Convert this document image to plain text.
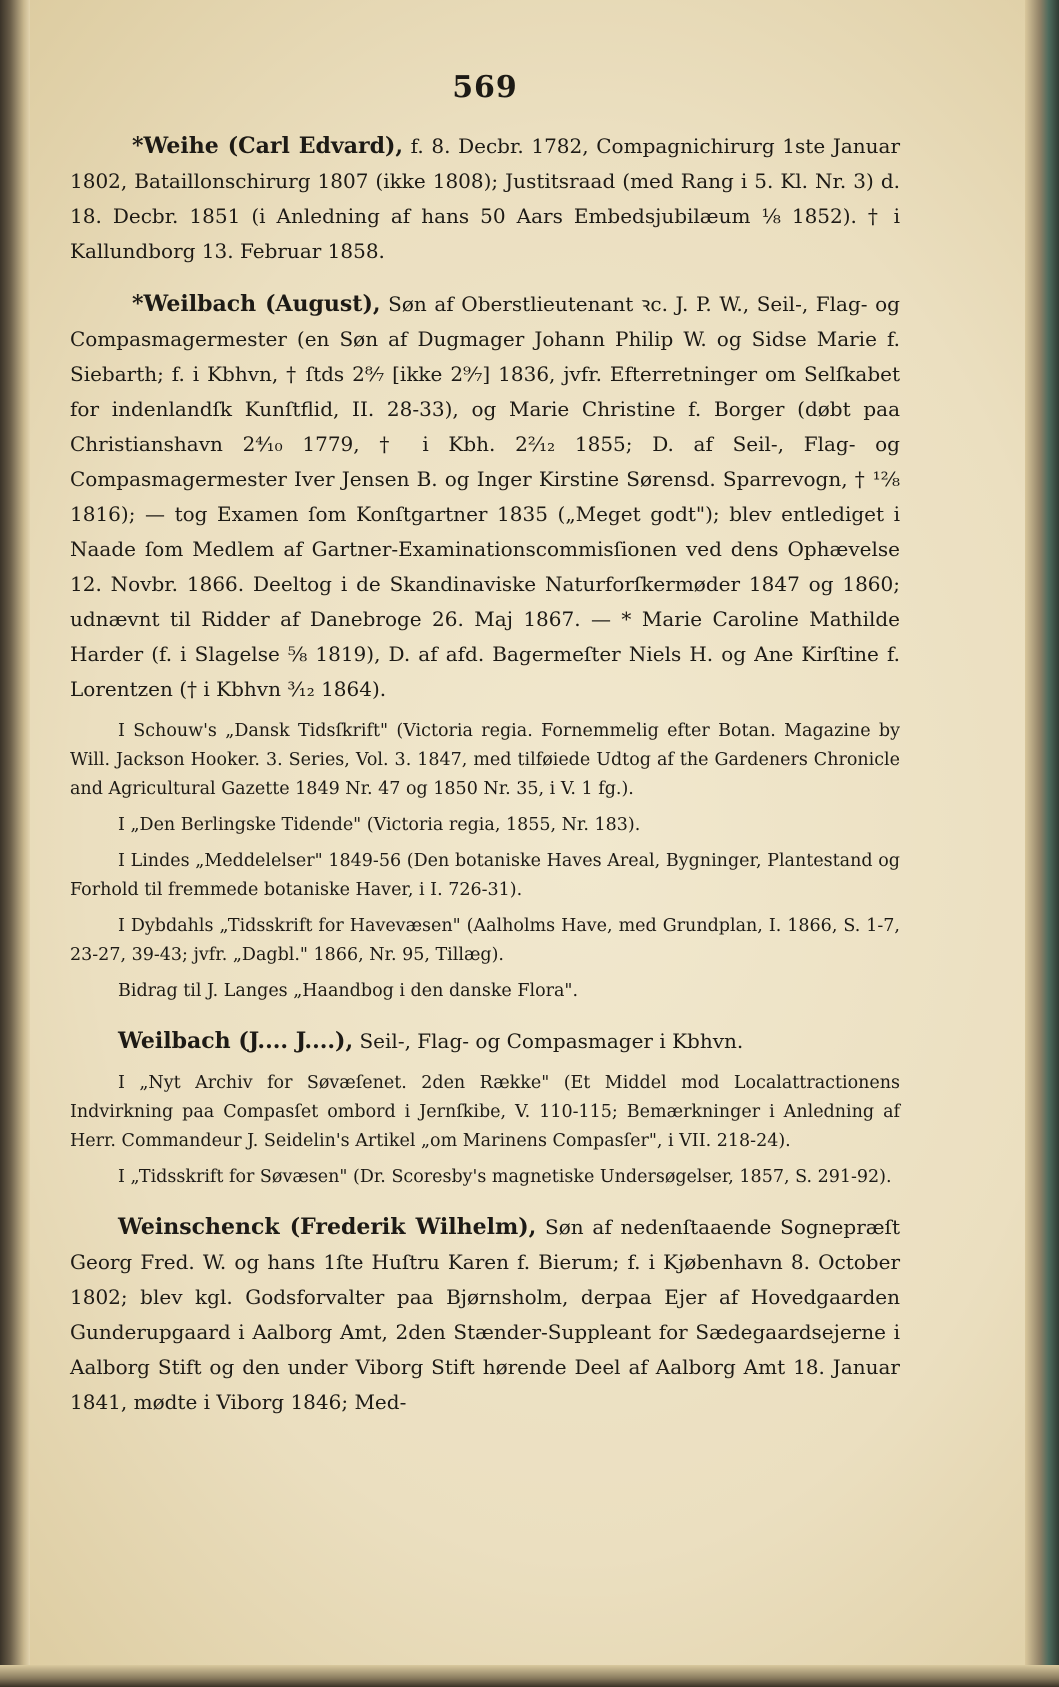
569

*Weihe (Carl Edvard), f. 8. Decbr. 1782, Compagnichirurg 1ste Januar 1802, Bataillonschirurg 1807 (ikke 1808); Justitsraad (med Rang i 5. Kl. Nr. 3) d. 18. Decbr. 1851 (i Anledning af hans 50 Aars Embedsjubilæum ⅛ 1852). † i Kallundborg 13. Februar 1858.

*Weilbach (August), Søn af Oberstlieutenant ꝛc. J. P. W., Seil-, Flag- og Compasmagermester (en Søn af Dugmager Johann Philip W. og Sidse Marie f. Siebarth; f. i Kbhvn, † ſtds 2⁸⁄₇ [ikke 2⁹⁄₇] 1836, jvfr. Efterretninger om Selſkabet for indenlandſk Kunſtflid, II. 28-33), og Marie Christine f. Borger (døbt paa Christianshavn 2⁴⁄₁₀ 1779, † i Kbh. 2²⁄₁₂ 1855; D. af Seil-, Flag- og Compasmagermester Iver Jensen B. og Inger Kirstine Sørensd. Sparrevogn, † ¹²⁄₈ 1816); — tog Examen ſom Konſtgartner 1835 („Meget godt"); blev entlediget i Naade ſom Medlem af Gartner-Examinationscommisſionen ved dens Ophævelse 12. Novbr. 1866. Deeltog i de Skandinaviske Naturforſkermøder 1847 og 1860; udnævnt til Ridder af Danebroge 26. Maj 1867. — * Marie Caroline Mathilde Harder (f. i Slagelse ⅝ 1819), D. af afd. Bagermeſter Niels H. og Ane Kirſtine f. Lorentzen († i Kbhvn ³⁄₁₂ 1864).

I Schouw's „Dansk Tidsſkrift" (Victoria regia. Fornemmelig efter Botan. Magazine by Will. Jackson Hooker. 3. Series, Vol. 3. 1847, med tilføiede Udtog af the Gardeners Chronicle and Agricultural Gazette 1849 Nr. 47 og 1850 Nr. 35, i V. 1 fg.).

I „Den Berlingske Tidende" (Victoria regia, 1855, Nr. 183).

I Lindes „Meddelelser" 1849-56 (Den botaniske Haves Areal, Bygninger, Plantestand og Forhold til fremmede botaniske Haver, i I. 726-31).

I Dybdahls „Tidsskrift for Havevæsen" (Aalholms Have, med Grundplan, I. 1866, S. 1-7, 23-27, 39-43; jvfr. „Dagbl." 1866, Nr. 95, Tillæg).

Bidrag til J. Langes „Haandbog i den danske Flora".

Weilbach (J.... J....), Seil-, Flag- og Compasmager i Kbhvn.

I „Nyt Archiv for Søvæſenet. 2den Række" (Et Middel mod Localattractionens Indvirkning paa Compasſet ombord i Jernſkibe, V. 110-115; Bemærkninger i Anledning af Herr. Commandeur J. Seidelin's Artikel „om Marinens Compasſer", i VII. 218-24).

I „Tidsskrift for Søvæsen" (Dr. Scoresby's magnetiske Undersøgelser, 1857, S. 291-92).

Weinschenck (Frederik Wilhelm), Søn af nedenſtaaende Sognepræſt Georg Fred. W. og hans 1ſte Huſtru Karen f. Bierum; f. i Kjøbenhavn 8. October 1802; blev kgl. Godsforvalter paa Bjørnsholm, derpaa Ejer af Hovedgaarden Gunderupgaard i Aalborg Amt, 2den Stænder-Suppleant for Sædegaardsejerne i Aalborg Stift og den under Viborg Stift hørende Deel af Aalborg Amt 18. Januar 1841, mødte i Viborg 1846; Med-
